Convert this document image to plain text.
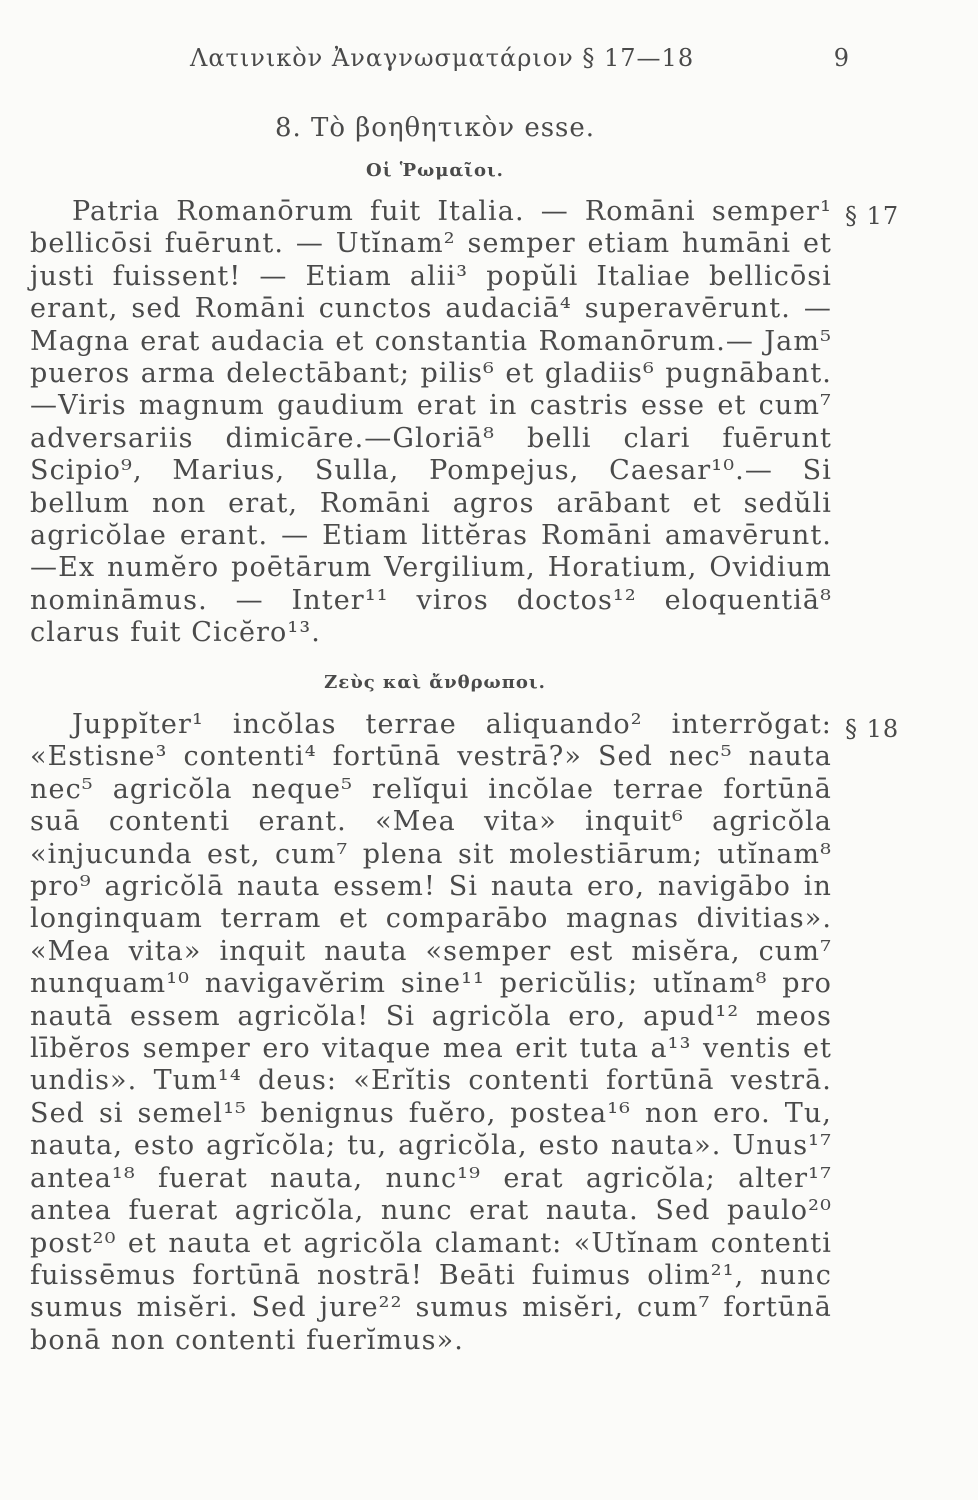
Λατινικὸν Ἀναγνωσματάριον § 17—18	9
8. Τὸ βοηθητικὸν esse.
Οἱ Ῥωμαῖοι.
§ 17

Patria Romanōrum fuit Italia. — Romāni semper¹ bellicōsi fuērunt. — Utĭnam² semper etiam humāni et justi fuissent! — Etiam alii³ popŭli Italiae bellicōsi erant, sed Romāni cunctos audaciā⁴ superavērunt. —Magna erat audacia et constantia Romanōrum.— Jam⁵ pueros arma delectābant; pilis⁶ et gladiis⁶ pugnābant.—Viris magnum gaudium erat in castris esse et cum⁷ adversariis dimicāre.—Gloriā⁸ belli clari fuērunt Scipio⁹, Marius, Sulla, Pompejus, Caesar¹⁰.— Si bellum non erat, Romāni agros arābant et sedŭli agricŏlae erant. — Etiam littĕras Romāni amavērunt. —Ex numĕro poētārum Vergilium, Horatium, Ovidium nomināmus. — Inter¹¹ viros doctos¹² eloquentiā⁸ clarus fuit Cicĕro¹³.

Ζεὺς καὶ ἄνθρωποι.
§ 18

Juppĭter¹ incŏlas terrae aliquando² interrŏgat: «Estisne³ contenti⁴ fortūnā vestrā?» Sed nec⁵ nauta nec⁵ agricŏla neque⁵ relĭqui incŏlae terrae fortūnā suā contenti erant. «Mea vita» inquit⁶ agricŏla «injucunda est, cum⁷ plena sit molestiārum; utĭnam⁸ pro⁹ agricŏlā nauta essem! Si nauta ero, navigābo in longinquam terram et comparābo magnas divitias». «Mea vita» inquit nauta «semper est misĕra, cum⁷ nunquam¹⁰ navigavĕrim sine¹¹ pericŭlis; utĭnam⁸ pro nautā essem agricŏla! Si agricŏla ero, apud¹² meos lībĕros semper ero vitaque mea erit tuta a¹³ ventis et undis». Tum¹⁴ deus: «Erĭtis contenti fortūnā vestrā. Sed si semel¹⁵ benignus fuĕro, postea¹⁶ non ero. Tu, nauta, esto agrĭcŏla; tu, agricŏla, esto nauta». Unus¹⁷ antea¹⁸ fuerat nauta, nunc¹⁹ erat agricŏla; alter¹⁷ antea fuerat agricŏla, nunc erat nauta. Sed paulo²⁰ post²⁰ et nauta et agricŏla clamant: «Utĭnam contenti fuissēmus fortūnā nostrā! Beāti fuimus olim²¹, nunc sumus misĕri. Sed jure²² sumus misĕri, cum⁷ fortūnā bonā non contenti fuerĭmus».
